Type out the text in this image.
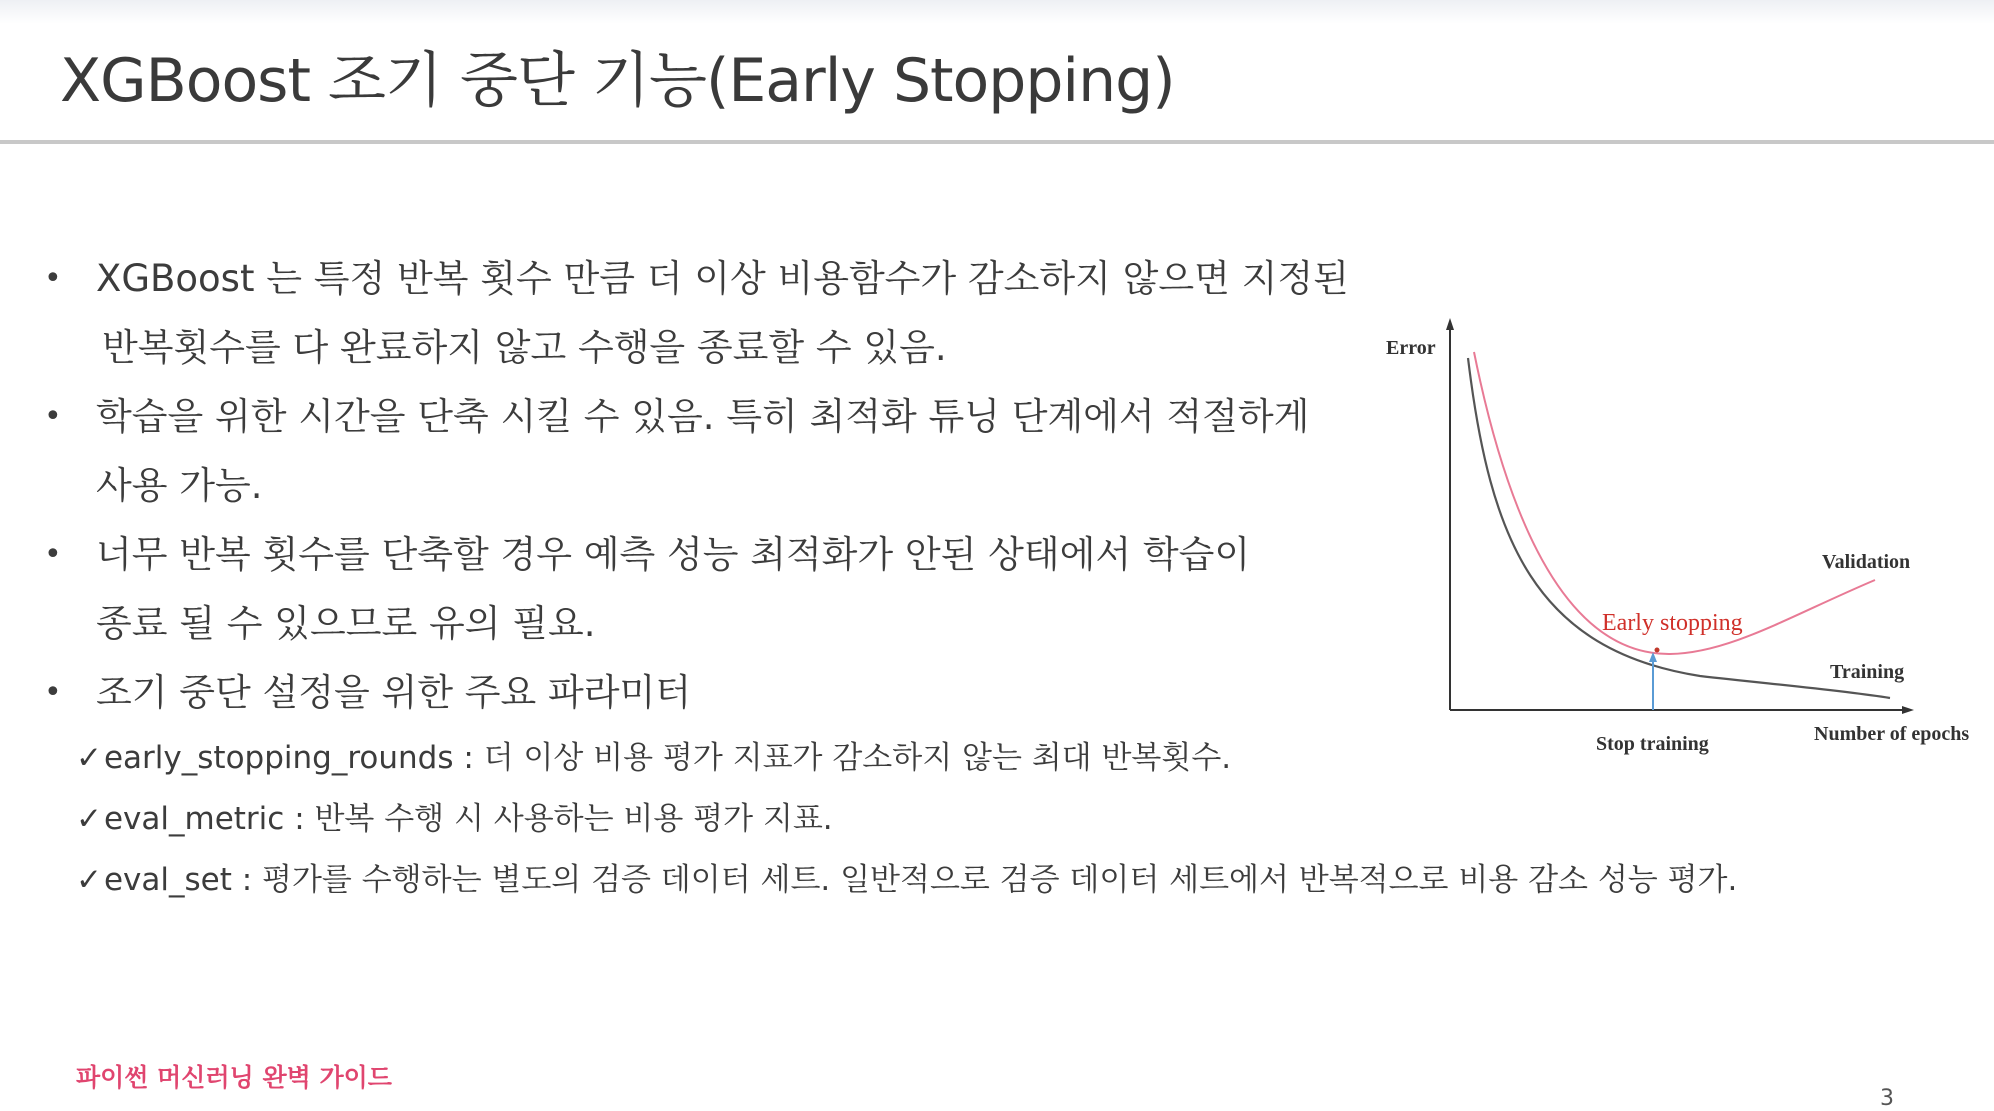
XGBoost 조기 중단 기능(Early Stopping)
• XGBoost 는 특정 반복 횟수 만큼 더 이상 비용함수가 감소하지 않으면 지정된
반복횟수를 다 완료하지 않고 수행을 종료할 수 있음.
• 학습을 위한 시간을 단축 시킬 수 있음. 특히 최적화 튜닝 단계에서 적절하게
사용 가능.
• 너무 반복 횟수를 단축할 경우 예측 성능 최적화가 안된 상태에서 학습이
종료 될 수 있으므로 유의 필요.
• 조기 중단 설정을 위한 주요 파라미터
✓early_stopping_rounds : 더 이상 비용 평가 지표가 감소하지 않는 최대 반복횟수.
✓eval_metric : 반복 수행 시 사용하는 비용 평가 지표.
✓eval_set : 평가를 수행하는 별도의 검증 데이터 세트. 일반적으로 검증 데이터 세트에서 반복적으로 비용 감소 성능 평가.
Error
Validation
Training
Early stopping
Stop training	Number of epochs
파이썬 머신러닝 완벽 가이드
3
